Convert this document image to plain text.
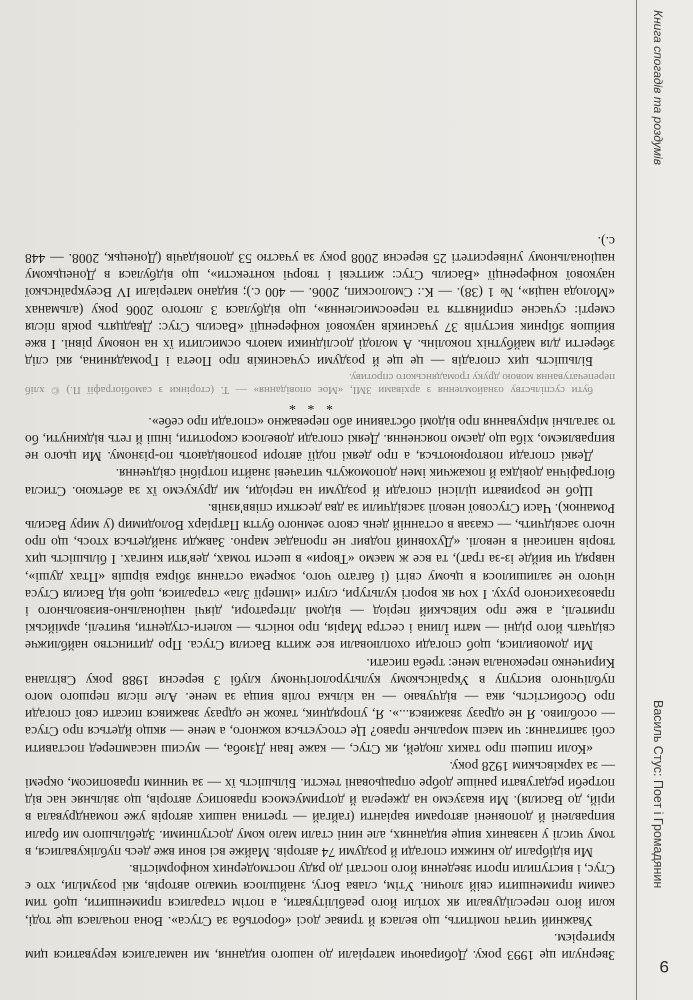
Василь Стус: Поет і Громадянин
Книга спогадів та роздумів
9

Звернули ще 1993 року. Добираючи матеріали до нашого видання, ми намагалися керуватися цим критерієм.

Уважний читач помітить, що велася й триває досі «боротьба за Стуса». Вона почалася ще тоді, коли його переслідували як хотіли його реабілітувати, а потім старалися применшити, щоб тим самим применшити свій злочин. Утім, слава Богу, знайшлося чимало авторів, які розуміли, хто є Стус, і виступили проти зведення його постаті до ряду постмодерних конформістів.

Ми відібрали до книжки спогади й роздуми 74 авторів. Майже всі вони вже десь публікувалися, в тому числі у названих вище виданнях, але нині стали мало кому доступними. Здебільшого ми брали виправлені й доповнені авторами варіанти (гайгай — третина наших авторів уже помандрувала в ирій, до Василя). Ми вказуємо на джерела й дотримуємося правопису авторів, що звільняє нас від потреби редагувати раніше добре опрацьовані тексти. Більшість їх — за чинним правописом, окремі — за харківським 1928 року.

«Коли пишеш про таких людей, як Стус, — каже Іван Дзюба, — мусиш насамперед поставити собі запитання: чи маєш моральне право? Це стосується кожного, а мене — якщо йдеться про Стуса — особливо. Я не одразу зважився...». Я, упорядник, також не одразу зважився писати свої спогади про Особистість, яка — відчуваю — на кілька голів вища за мене. Але після першого мого публічного виступу в Українському культурологічному клубі 3 вересня 1988 року Світлана Кириченко переконала мене: треба писати.

Ми домовилися, щоб спогади охоплювали все життя Василя Стуса. Про дитинство найближче свідчать його рідні — мати Їлина і сестра Марія, про юність — колеги-студенти, вчителі, армійські приятелі, а вже про київський період — відомі літератори, діячі національно-визвольного і правозахисного руху. І хоч як ворогі культури, слуги «імперії Зла» старалися, щоб від Василя Стуса нічого не залишилося в цьому світі (і багато чого, зокрема остання збірка віршів «Птах душі», навряд чи вийде із-за грат), та все ж маємо «Твори» в шести томах, дев'яти книгах. І більшість цих творів написані в неволі. «Духовний подвиг не пропадає марно. Завжди знайдеться хтось, що про нього засвідчить, — сказав в останній день свого земного буття Патріарх Володимир (у миру Василь Романюк). Часи Стусової неволі засвідчили за два десятки співв'язнів.

Щоб не розривати цілісні спогади й роздуми на періоди, ми друкуємо їх за абеткою. Стисла біографічна довідка й покажчик імен допоможуть читачеві знайти потрібні свідчення.

Деякі спогади повторюються, а про деякі події автори розповідають по-різному. Ми цього не виправляємо, хіба що даємо пояснення. Деякі спогади довелося скоротити, інші й геть відкинути, бо то загальні міркування про відомі обставини або переважно «спогади про себе».

* * *

бути суспільству ознайомлення з архівами ЗМІ, «Моє оповідання» — Т. (сторінки з самобіографії П.) © хліб перепечатування мовою друку громадянського спротиву.

Більшість цих спогадів — це ще й роздуми сучасників про Поета і Громадянина, які слід зберегти для майбутніх поколінь. А молоді дослідники мають осмислити їх на новому рівні. І вже вийшов збірник виступів 37 учасників наукової конференції «Василь Стус: Двадцять років після смерті: сучасне сприйняття та переосмислення», що відбулася 3 лютого 2006 року (альманах «Молода нація», № 1 (38). — К.: Смолоскип, 2006. — 400 с.); видано матеріали IV Всеукраїнської наукової конференції «Василь Стус: життєві і творчі контексти», що відбулася в Донецькому національному університеті 25 вересня 2008 року за участю 53 доповідачів (Донецьк, 2008. — 448 с.).
